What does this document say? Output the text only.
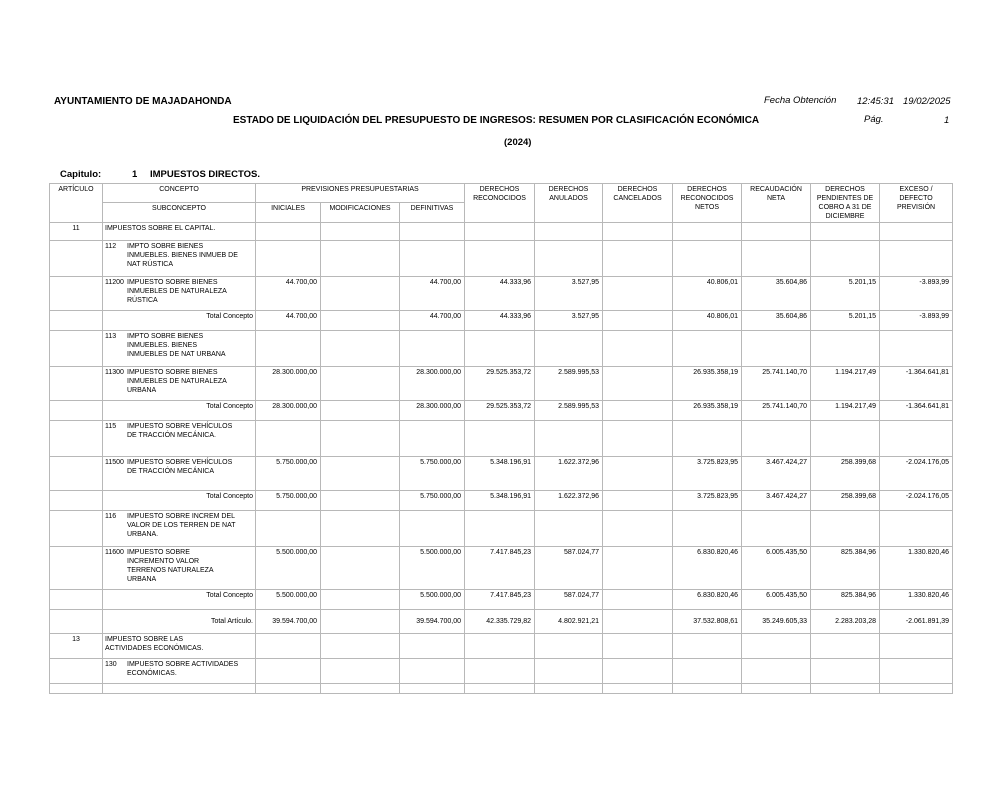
AYUNTAMIENTO DE MAJADAHONDA	Fecha Obtención 12:45:31 19/02/2025
ESTADO DE LIQUIDACIÓN DEL PRESUPUESTO DE INGRESOS: RESUMEN POR CLASIFICACIÓN ECONÓMICA	Pág.	1
(2024)
Capitulo:	1 IMPUESTOS DIRECTOS.
ARTÍCULO	CONCEPTO	PREVISIONES PRESUPUESTARIAS			DERECHOS RECONOCIDOS	DERECHOS ANULADOS	DERECHOS CANCELADOS	DERECHOS RECONOCIDOS NETOS	RECAUDACIÓN NETA	DERECHOS PENDIENTES DE COBRO A 31 DE DICIEMBRE	EXCESO / DEFECTO PREVISIÓN
	SUBCONCEPTO	INICIALES	MODIFICACIONES	DEFINITIVAS							
11	IMPUESTOS SOBRE EL CAPITAL.										
	112 IMPTO SOBRE BIENES INMUEBLES. BIENES INMUEB DE NAT RÚSTICA										
	11200 IMPUESTO SOBRE BIENES INMUEBLES DE NATURALEZA RÚSTICA	44.700,00		44.700,00	44.333,96	3.527,95		40.806,01	35.604,86	5.201,15	-3.893,99
	Total Concepto	44.700,00		44.700,00	44.333,96	3.527,95		40.806,01	35.604,86	5.201,15	-3.893,99
	113 IMPTO SOBRE BIENES INMUEBLES. BIENES INMUEBLES DE NAT URBANA										
	11300 IMPUESTO SOBRE BIENES INMUEBLES DE NATURALEZA URBANA	28.300.000,00		28.300.000,00	29.525.353,72	2.589.995,53		26.935.358,19	25.741.140,70	1.194.217,49	-1.364.641,81
	Total Concepto	28.300.000,00		28.300.000,00	29.525.353,72	2.589.995,53		26.935.358,19	25.741.140,70	1.194.217,49	-1.364.641,81
	115 IMPUESTO SOBRE VEHÍCULOS DE TRACCIÓN MECÁNICA.										
	11500 IMPUESTO SOBRE VEHÍCULOS DE TRACCIÓN MECÁNICA	5.750.000,00		5.750.000,00	5.348.196,91	1.622.372,96		3.725.823,95	3.467.424,27	258.399,68	-2.024.176,05
	Total Concepto	5.750.000,00		5.750.000,00	5.348.196,91	1.622.372,96		3.725.823,95	3.467.424,27	258.399,68	-2.024.176,05
	116 IMPUESTO SOBRE INCREM DEL VALOR DE LOS TERREN DE NAT URBANA.										
	11600 IMPUESTO SOBRE INCREMENTO VALOR TERRENOS NATURALEZA URBANA	5.500.000,00		5.500.000,00	7.417.845,23	587.024,77		6.830.820,46	6.005.435,50	825.384,96	1.330.820,46
	Total Concepto	5.500.000,00		5.500.000,00	7.417.845,23	587.024,77		6.830.820,46	6.005.435,50	825.384,96	1.330.820,46
	Total Artículo.	39.594.700,00		39.594.700,00	42.335.729,82	4.802.921,21		37.532.808,61	35.249.605,33	2.283.203,28	-2.061.891,39
13	IMPUESTO SOBRE LAS ACTIVIDADES ECONÓMICAS.										
	130 IMPUESTO SOBRE ACTIVIDADES ECONÓMICAS.										
